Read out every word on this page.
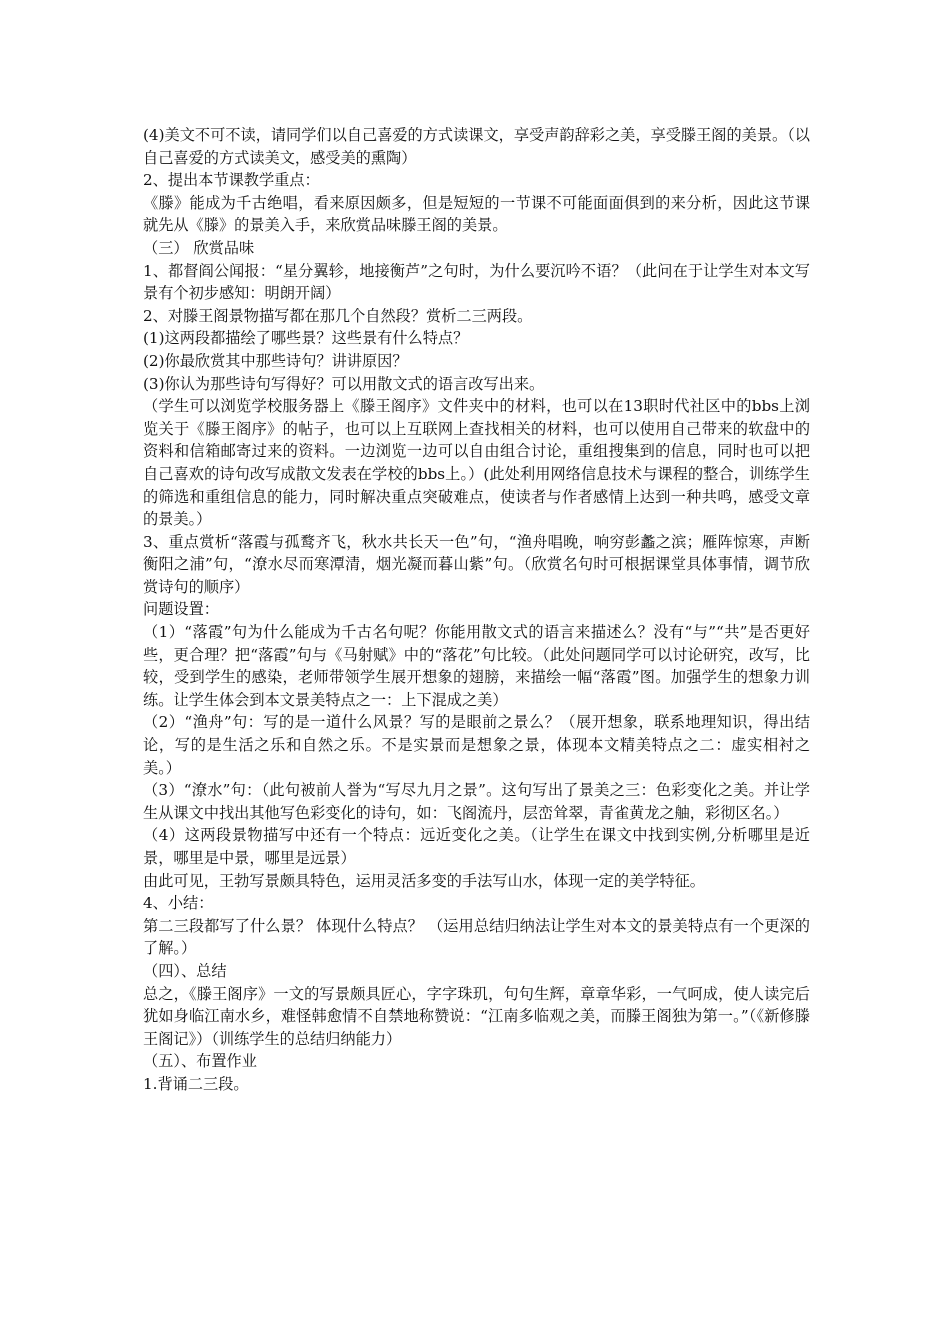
(4)美文不可不读，请同学们以自己喜爱的方式读课文，享受声韵辞彩之美，享受滕王阁的美景。（以自己喜爱的方式读美文，感受美的熏陶）

2、提出本节课教学重点：

《滕》能成为千古绝唱，看来原因颇多，但是短短的一节课不可能面面俱到的来分析，因此这节课就先从《滕》的景美入手，来欣赏品味滕王阁的美景。

（三） 欣赏品味

1、都督阎公闻报：“星分翼轸，地接衡芦”之句时，为什么要沉吟不语？（此问在于让学生对本文写景有个初步感知：明朗开阔）

2、对滕王阁景物描写都在那几个自然段？赏析二三两段。

(1)这两段都描绘了哪些景？这些景有什么特点？

(2)你最欣赏其中那些诗句？讲讲原因？

(3)你认为那些诗句写得好？可以用散文式的语言改写出来。

（学生可以浏览学校服务器上《滕王阁序》文件夹中的材料，也可以在13职时代社区中的bbs上浏览关于《滕王阁序》的帖子，也可以上互联网上查找相关的材料，也可以使用自己带来的软盘中的资料和信箱邮寄过来的资料。一边浏览一边可以自由组合讨论，重组搜集到的信息，同时也可以把自己喜欢的诗句改写成散文发表在学校的bbs上。）(此处利用网络信息技术与课程的整合，训练学生的筛选和重组信息的能力，同时解决重点突破难点，使读者与作者感情上达到一种共鸣，感受文章的景美。）

3、重点赏析“落霞与孤鹜齐飞，秋水共长天一色”句，“渔舟唱晚，响穷彭蠡之滨；雁阵惊寒，声断衡阳之浦”句，“潦水尽而寒潭清，烟光凝而暮山紫”句。（欣赏名句时可根据课堂具体事情，调节欣赏诗句的顺序）

问题设置：

（1）“落霞”句为什么能成为千古名句呢？你能用散文式的语言来描述么？没有“与”“共”是否更好些，更合理？把“落霞”句与《马射赋》中的“落花”句比较。（此处问题同学可以讨论研究，改写，比较，受到学生的感染，老师带领学生展开想象的翅膀，来描绘一幅“落霞”图。加强学生的想象力训练。让学生体会到本文景美特点之一：上下混成之美）

（2）“渔舟”句：写的是一道什么风景？写的是眼前之景么？（展开想象，联系地理知识，得出结论，写的是生活之乐和自然之乐。不是实景而是想象之景，体现本文精美特点之二：虚实相衬之美。）

（3）“潦水”句：（此句被前人誉为“写尽九月之景”。这句写出了景美之三：色彩变化之美。并让学生从课文中找出其他写色彩变化的诗句，如：飞阁流丹，层峦耸翠，青雀黄龙之舳，彩彻区名。）

（4）这两段景物描写中还有一个特点：远近变化之美。（让学生在课文中找到实例,分析哪里是近景，哪里是中景，哪里是远景）

由此可见，王勃写景颇具特色，运用灵活多变的手法写山水，体现一定的美学特征。

4、小结：

第二三段都写了什么景？ 体现什么特点？ （运用总结归纳法让学生对本文的景美特点有一个更深的了解。）

（四）、总结

总之，《滕王阁序》一文的写景颇具匠心，字字珠玑，句句生辉，章章华彩，一气呵成，使人读完后犹如身临江南水乡，难怪韩愈情不自禁地称赞说：“江南多临观之美，而滕王阁独为第一。”（《新修滕王阁记》）（训练学生的总结归纳能力）

（五）、布置作业

1.背诵二三段。
